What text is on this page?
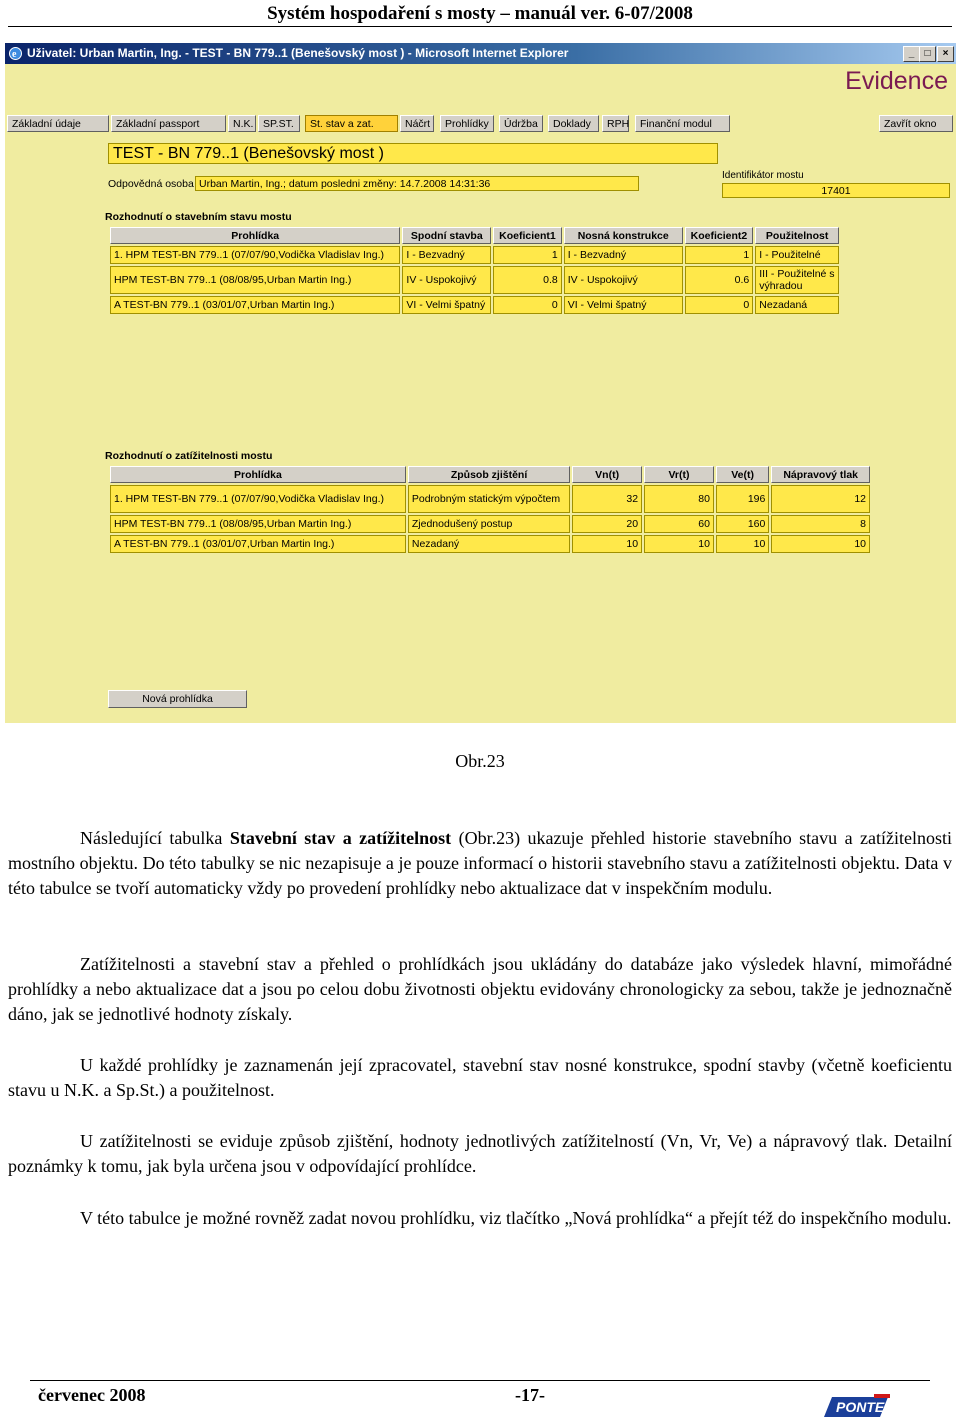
Systém hospodaření s mosty – manuál ver. 6-07/2008
e Uživatel: Urban Martin, Ing. - TEST - BN 779..1 (Benešovský most ) - Microsoft Internet Explorer	_	□	×
Evidence
Základní údaje	Základní passport	N.K. SP.ST.	St. stav a zat.	Náčrt	Prohlídky	Údržba	Doklady	RPH	Finanční modul	Zavřít okno
TEST - BN 779..1 (Benešovský most )
Odpovědná osoba Urban Martin, Ing.; datum posledni změny: 14.7.2008 14:31:36
Identifikátor mostu
17401
Rozhodnutí o stavebním stavu mostu
Prohlídka	Spodní stavba	Koeficient1	Nosná konstrukce	Koeficient2	Použitelnost
1. HPM TEST-BN 779..1 (07/07/90,Vodička Vladislav Ing.)	I - Bezvadný	1	I - Bezvadný	1	I - Použitelné
HPM TEST-BN 779..1 (08/08/95,Urban Martin Ing.)	IV - Uspokojivý	0.8	IV - Uspokojivý	0.6	III - Použitelné s výhradou
A TEST-BN 779..1 (03/01/07,Urban Martin Ing.)	VI - Velmi špatný	0	VI - Velmi špatný	0	Nezadaná
Rozhodnutí o zatížitelnosti mostu
Prohlídka	Způsob zjištění	Vn(t)	Vr(t)	Ve(t)	Nápravový tlak
1. HPM TEST-BN 779..1 (07/07/90,Vodička Vladislav Ing.)	Podrobným statickým výpočtem	32	80	196	12
HPM TEST-BN 779..1 (08/08/95,Urban Martin Ing.)	Zjednodušený postup	20	60	160	8
A TEST-BN 779..1 (03/01/07,Urban Martin Ing.)	Nezadaný	10	10	10	10
Nová prohlídka
Obr.23
Následující tabulka Stavební stav a zatížitelnost (Obr.23) ukazuje přehled historie stavebního stavu a zatížitelnosti mostního objektu. Do této tabulky se nic nezapisuje a je pouze informací o historii stavebního stavu a zatížitelnosti objektu. Data v této tabulce se tvoří automaticky vždy po provedení prohlídky nebo aktualizace dat v inspekčním modulu.
Zatížitelnosti a stavební stav a přehled o prohlídkách jsou ukládány do databáze jako výsledek hlavní, mimořádné prohlídky a nebo aktualizace dat a jsou po celou dobu životnosti objektu evidovány chronologicky za sebou, takže je jednoznačně dáno, jak se jednotlivé hodnoty získaly.
U každé prohlídky je zaznamenán její zpracovatel, stavební stav nosné konstrukce, spodní stavby (včetně koeficientu stavu u N.K. a Sp.St.) a použitelnost.
U zatížitelnosti se eviduje způsob zjištění, hodnoty jednotlivých zatížitelností (Vn, Vr, Ve) a nápravový tlak. Detailní poznámky k tomu, jak byla určena jsou v odpovídající prohlídce.
V této tabulce je možné rovněž zadat novou prohlídku, viz tlačítko „Nová prohlídka“ a přejít též do inspekčního modulu.
červenec 2008	-17-
PONTEX
